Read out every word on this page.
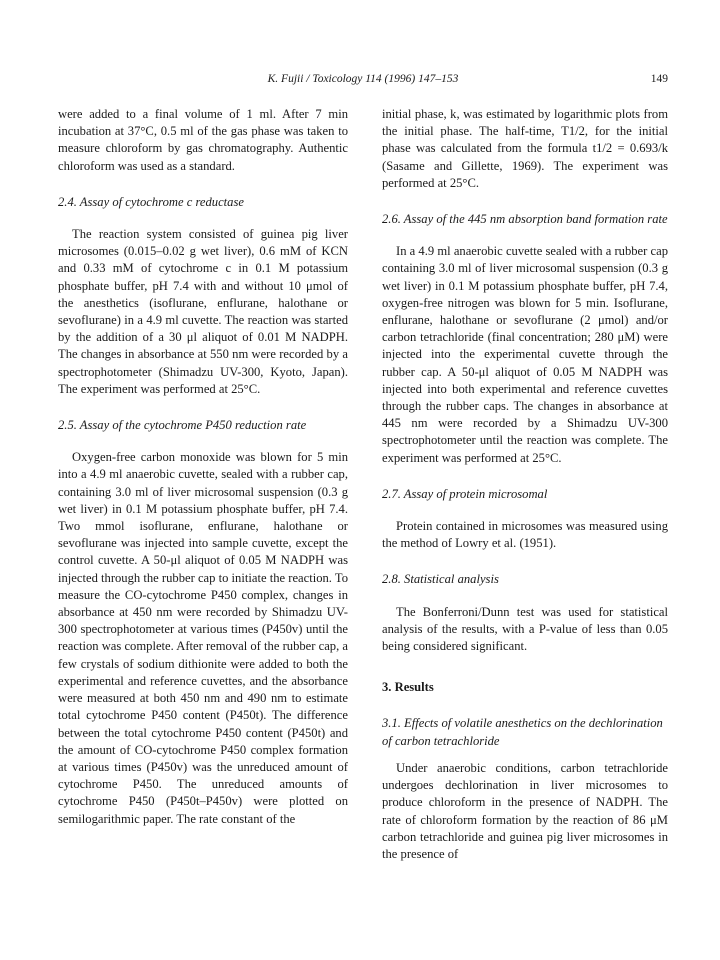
K. Fujii / Toxicology 114 (1996) 147–153	149

were added to a final volume of 1 ml. After 7 min incubation at 37°C, 0.5 ml of the gas phase was taken to measure chloroform by gas chromatography. Authentic chloroform was used as a standard.

2.4. Assay of cytochrome c reductase

The reaction system consisted of guinea pig liver microsomes (0.015–0.02 g wet liver), 0.6 mM of KCN and 0.33 mM of cytochrome c in 0.1 M potassium phosphate buffer, pH 7.4 with and without 10 μmol of the anesthetics (isoflurane, enflurane, halothane or sevoflurane) in a 4.9 ml cuvette. The reaction was started by the addition of a 30 μl aliquot of 0.01 M NADPH. The changes in absorbance at 550 nm were recorded by a spectrophotometer (Shimadzu UV-300, Kyoto, Japan). The experiment was performed at 25°C.

2.5. Assay of the cytochrome P450 reduction rate

Oxygen-free carbon monoxide was blown for 5 min into a 4.9 ml anaerobic cuvette, sealed with a rubber cap, containing 3.0 ml of liver microsomal suspension (0.3 g wet liver) in 0.1 M potassium phosphate buffer, pH 7.4. Two mmol isoflurane, enflurane, halothane or sevoflurane was injected into sample cuvette, except the control cuvette. A 50-μl aliquot of 0.05 M NADPH was injected through the rubber cap to initiate the reaction. To measure the CO-cytochrome P450 complex, changes in absorbance at 450 nm were recorded by Shimadzu UV-300 spectrophotometer at various times (P450v) until the reaction was complete. After removal of the rubber cap, a few crystals of sodium dithionite were added to both the experimental and reference cuvettes, and the absorbance were measured at both 450 nm and 490 nm to estimate total cytochrome P450 content (P450t). The difference between the total cytochrome P450 content (P450t) and the amount of CO-cytochrome P450 complex formation at various times (P450v) was the unreduced amount of cytochrome P450. The unreduced amounts of cytochrome P450 (P450t–P450v) were plotted on semilogarithmic paper. The rate constant of the

initial phase, k, was estimated by logarithmic plots from the initial phase. The half-time, T1/2, for the initial phase was calculated from the formula t1/2 = 0.693/k (Sasame and Gillette, 1969). The experiment was performed at 25°C.

2.6. Assay of the 445 nm absorption band formation rate

In a 4.9 ml anaerobic cuvette sealed with a rubber cap containing 3.0 ml of liver microsomal suspension (0.3 g wet liver) in 0.1 M potassium phosphate buffer, pH 7.4, oxygen-free nitrogen was blown for 5 min. Isoflurane, enflurane, halothane or sevoflurane (2 μmol) and/or carbon tetrachloride (final concentration; 280 μM) were injected into the experimental cuvette through the rubber cap. A 50-μl aliquot of 0.05 M NADPH was injected into both experimental and reference cuvettes through the rubber caps. The changes in absorbance at 445 nm were recorded by a Shimadzu UV-300 spectrophotometer until the reaction was complete. The experiment was performed at 25°C.

2.7. Assay of protein microsomal

Protein contained in microsomes was measured using the method of Lowry et al. (1951).

2.8. Statistical analysis

The Bonferroni/Dunn test was used for statistical analysis of the results, with a P-value of less than 0.05 being considered significant.

3. Results
3.1. Effects of volatile anesthetics on the dechlorination of carbon tetrachloride

Under anaerobic conditions, carbon tetrachloride undergoes dechlorination in liver microsomes to produce chloroform in the presence of NADPH. The rate of chloroform formation by the reaction of 86 μM carbon tetrachloride and guinea pig liver microsomes in the presence of
